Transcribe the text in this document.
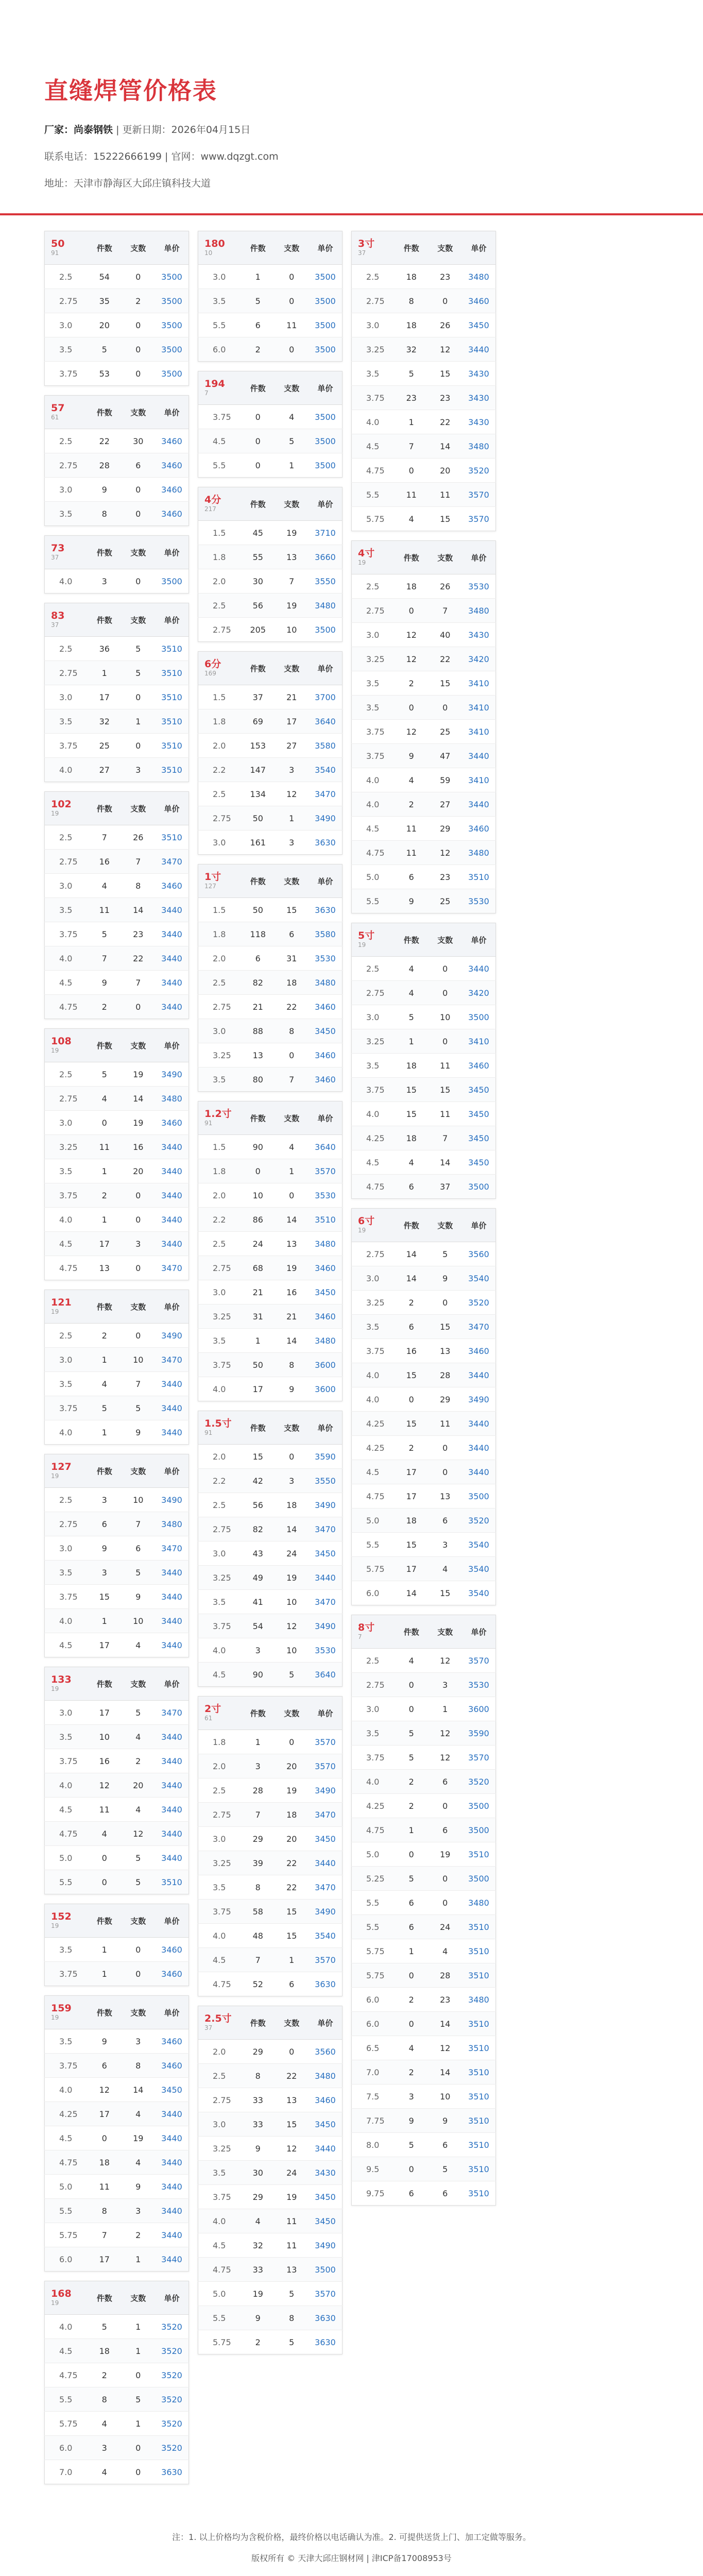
直缝焊管价格表
厂家：尚泰钢铁 | 更新日期：2026年04月15日
联系电话：15222666199 | 官网：www.dqzgt.com
地址：天津市静海区大邱庄镇科技大道
50
91	件数	支数	单价
2.5	54	0	3500
2.75	35	2	3500
3.0	20	0	3500
3.5	5	0	3500
3.75	53	0	3500
57
61	件数	支数	单价
2.5	22	30	3460
2.75	28	6	3460
3.0	9	0	3460
3.5	8	0	3460
73
37	件数	支数	单价
4.0	3	0	3500
83
37	件数	支数	单价
2.5	36	5	3510
2.75	1	5	3510
3.0	17	0	3510
3.5	32	1	3510
3.75	25	0	3510
4.0	27	3	3510
102
19	件数	支数	单价
2.5	7	26	3510
2.75	16	7	3470
3.0	4	8	3460
3.5	11	14	3440
3.75	5	23	3440
4.0	7	22	3440
4.5	9	7	3440
4.75	2	0	3440
108
19	件数	支数	单价
2.5	5	19	3490
2.75	4	14	3480
3.0	0	19	3460
3.25	11	16	3440
3.5	1	20	3440
3.75	2	0	3440
4.0	1	0	3440
4.5	17	3	3440
4.75	13	0	3470
121
19	件数	支数	单价
2.5	2	0	3490
3.0	1	10	3470
3.5	4	7	3440
3.75	5	5	3440
4.0	1	9	3440
127
19	件数	支数	单价
2.5	3	10	3490
2.75	6	7	3480
3.0	9	6	3470
3.5	3	5	3440
3.75	15	9	3440
4.0	1	10	3440
4.5	17	4	3440
133
19	件数	支数	单价
3.0	17	5	3470
3.5	10	4	3440
3.75	16	2	3440
4.0	12	20	3440
4.5	11	4	3440
4.75	4	12	3440
5.0	0	5	3440
5.5	0	5	3510
152
19	件数	支数	单价
3.5	1	0	3460
3.75	1	0	3460
159
19	件数	支数	单价
3.5	9	3	3460
3.75	6	8	3460
4.0	12	14	3450
4.25	17	4	3440
4.5	0	19	3440
4.75	18	4	3440
5.0	11	9	3440
5.5	8	3	3440
5.75	7	2	3440
6.0	17	1	3440
168
19	件数	支数	单价
4.0	5	1	3520
4.5	18	1	3520
4.75	2	0	3520
5.5	8	5	3520
5.75	4	1	3520
6.0	3	0	3520
7.0	4	0	3630
180
10	件数	支数	单价
3.0	1	0	3500
3.5	5	0	3500
5.5	6	11	3500
6.0	2	0	3500
194
7	件数	支数	单价
3.75	0	4	3500
4.5	0	5	3500
5.5	0	1	3500
4分
217	件数	支数	单价
1.5	45	19	3710
1.8	55	13	3660
2.0	30	7	3550
2.5	56	19	3480
2.75	205	10	3500
6分
169	件数	支数	单价
1.5	37	21	3700
1.8	69	17	3640
2.0	153	27	3580
2.2	147	3	3540
2.5	134	12	3470
2.75	50	1	3490
3.0	161	3	3630
1寸
127	件数	支数	单价
1.5	50	15	3630
1.8	118	6	3580
2.0	6	31	3530
2.5	82	18	3480
2.75	21	22	3460
3.0	88	8	3450
3.25	13	0	3460
3.5	80	7	3460
1.2寸
91	件数	支数	单价
1.5	90	4	3640
1.8	0	1	3570
2.0	10	0	3530
2.2	86	14	3510
2.5	24	13	3480
2.75	68	19	3460
3.0	21	16	3450
3.25	31	21	3460
3.5	1	14	3480
3.75	50	8	3600
4.0	17	9	3600
1.5寸
91	件数	支数	单价
2.0	15	0	3590
2.2	42	3	3550
2.5	56	18	3490
2.75	82	14	3470
3.0	43	24	3450
3.25	49	19	3440
3.5	41	10	3470
3.75	54	12	3490
4.0	3	10	3530
4.5	90	5	3640
2寸
61	件数	支数	单价
1.8	1	0	3570
2.0	3	20	3570
2.5	28	19	3490
2.75	7	18	3470
3.0	29	20	3450
3.25	39	22	3440
3.5	8	22	3470
3.75	58	15	3490
4.0	48	15	3540
4.5	7	1	3570
4.75	52	6	3630
2.5寸
37	件数	支数	单价
2.0	29	0	3560
2.5	8	22	3480
2.75	33	13	3460
3.0	33	15	3450
3.25	9	12	3440
3.5	30	24	3430
3.75	29	19	3450
4.0	4	11	3450
4.5	32	11	3490
4.75	33	13	3500
5.0	19	5	3570
5.5	9	8	3630
5.75	2	5	3630
3寸
37	件数	支数	单价
2.5	18	23	3480
2.75	8	0	3460
3.0	18	26	3450
3.25	32	12	3440
3.5	5	15	3430
3.75	23	23	3430
4.0	1	22	3430
4.5	7	14	3480
4.75	0	20	3520
5.5	11	11	3570
5.75	4	15	3570
4寸
19	件数	支数	单价
2.5	18	26	3530
2.75	0	7	3480
3.0	12	40	3430
3.25	12	22	3420
3.5	2	15	3410
3.5	0	0	3410
3.75	12	25	3410
3.75	9	47	3440
4.0	4	59	3410
4.0	2	27	3440
4.5	11	29	3460
4.75	11	12	3480
5.0	6	23	3510
5.5	9	25	3530
5寸
19	件数	支数	单价
2.5	4	0	3440
2.75	4	0	3420
3.0	5	10	3500
3.25	1	0	3410
3.5	18	11	3460
3.75	15	15	3450
4.0	15	11	3450
4.25	18	7	3450
4.5	4	14	3450
4.75	6	37	3500
6寸
19	件数	支数	单价
2.75	14	5	3560
3.0	14	9	3540
3.25	2	0	3520
3.5	6	15	3470
3.75	16	13	3460
4.0	15	28	3440
4.0	0	29	3490
4.25	15	11	3440
4.25	2	0	3440
4.5	17	0	3440
4.75	17	13	3500
5.0	18	6	3520
5.5	15	3	3540
5.75	17	4	3540
6.0	14	15	3540
8寸
7	件数	支数	单价
2.5	4	12	3570
2.75	0	3	3530
3.0	0	1	3600
3.5	5	12	3590
3.75	5	12	3570
4.0	2	6	3520
4.25	2	0	3500
4.75	1	6	3500
5.0	0	19	3510
5.25	5	0	3500
5.5	6	0	3480
5.5	6	24	3510
5.75	1	4	3510
5.75	0	28	3510
6.0	2	23	3480
6.0	0	14	3510
6.5	4	12	3510
7.0	2	14	3510
7.5	3	10	3510
7.75	9	9	3510
8.0	5	6	3510
9.5	0	5	3510
9.75	6	6	3510
注：1. 以上价格均为含税价格，最终价格以电话确认为准。2. 可提供送货上门、加工定做等服务。
版权所有 © 天津大邱庄钢材网 | 津ICP备17008953号
